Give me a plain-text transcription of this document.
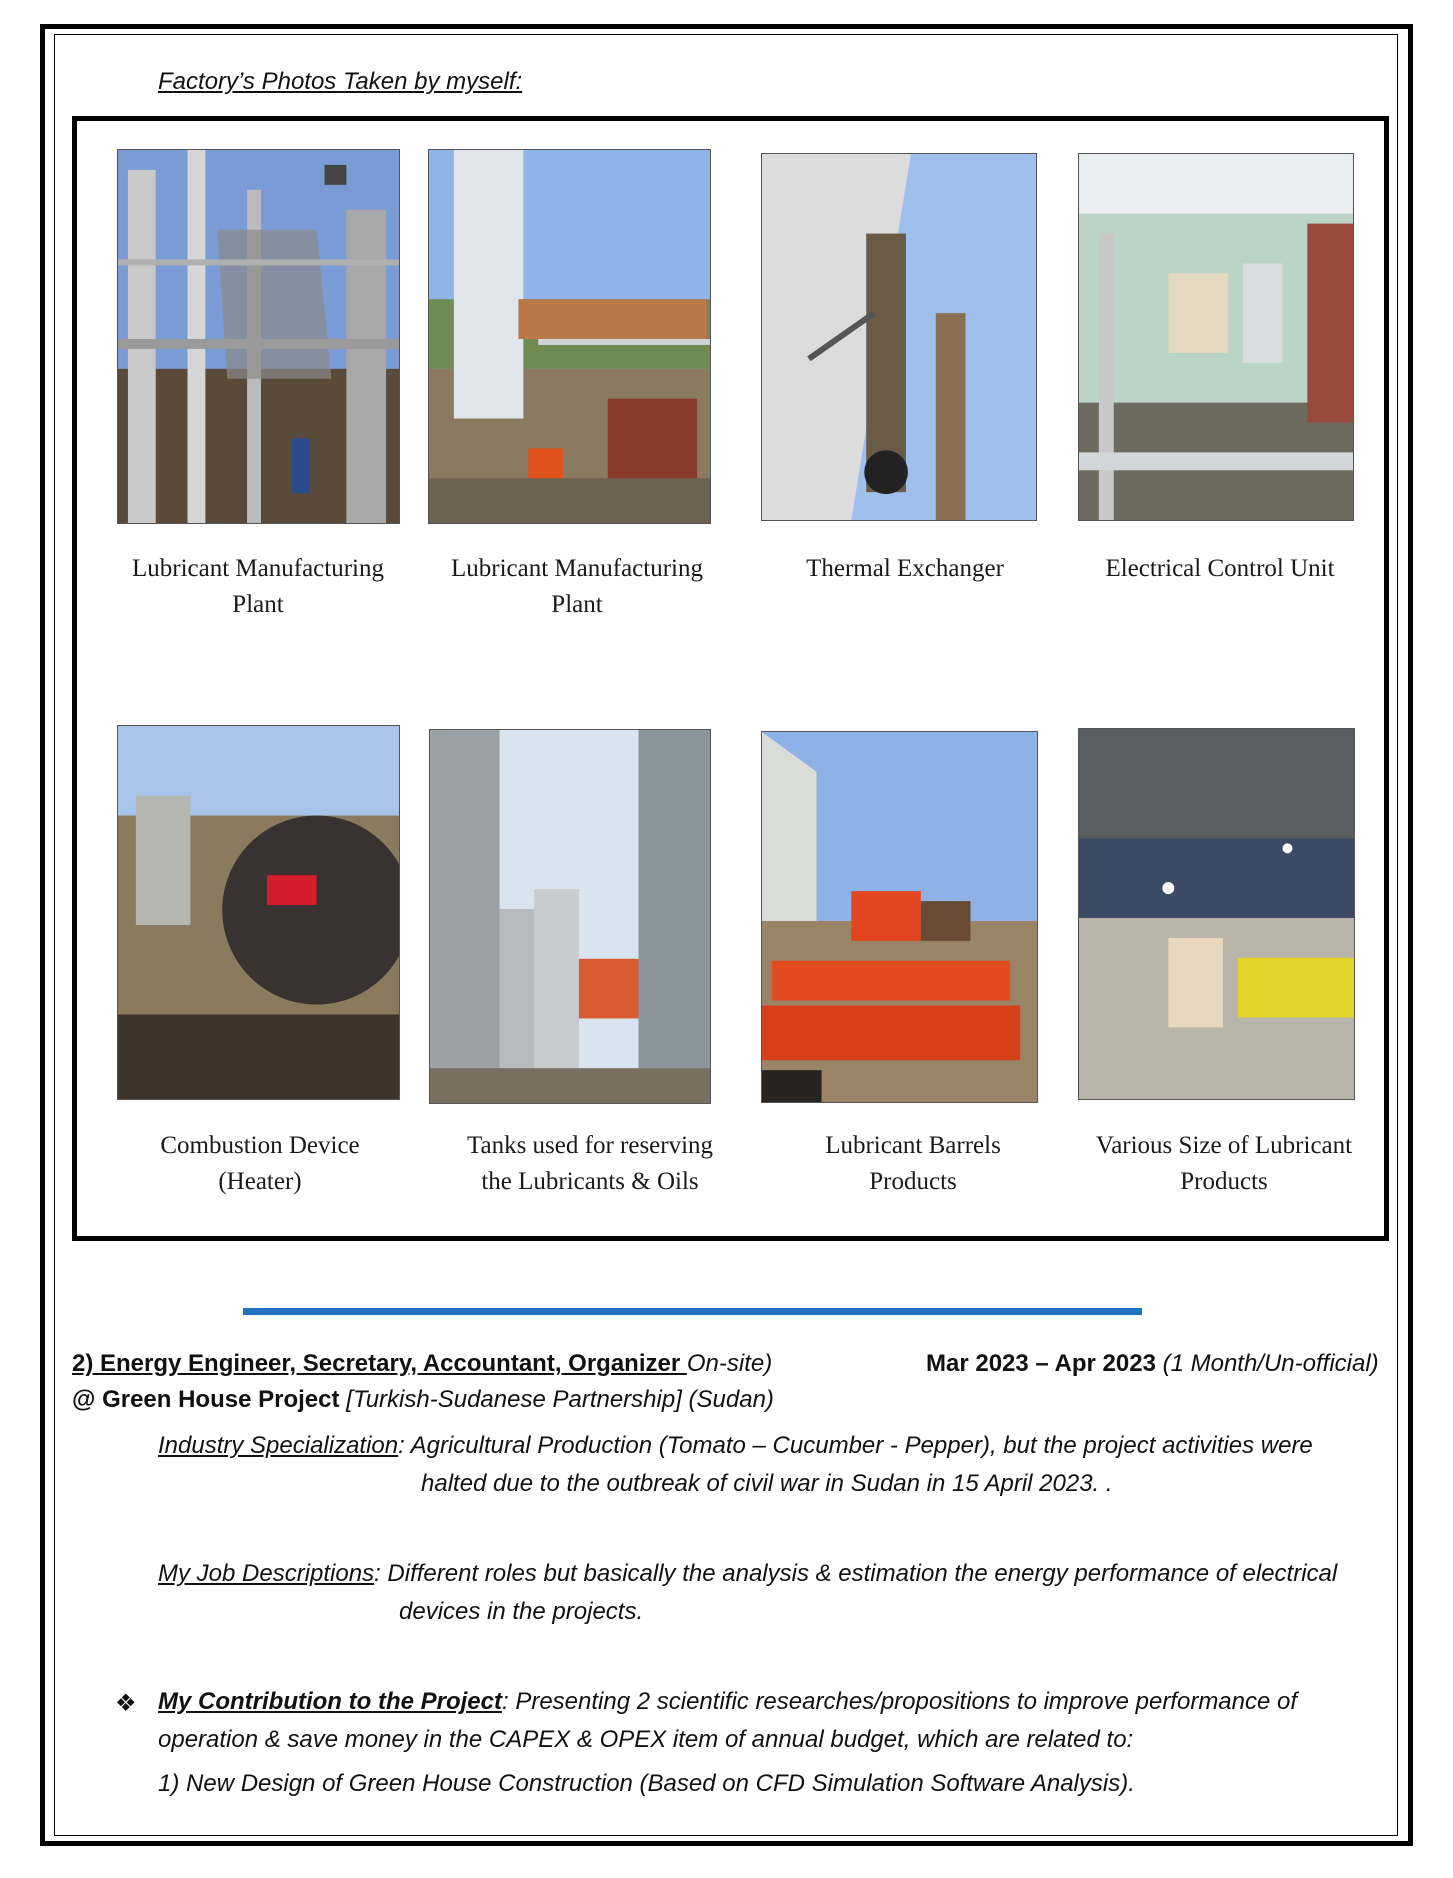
Factory’s Photos Taken by myself:
Lubricant Manufacturing
Plant
Lubricant Manufacturing
Plant
Thermal Exchanger	Electrical Control Unit
Combustion Device
(Heater)
Tanks used for reserving
the Lubricants & Oils
Lubricant Barrels
Products
Various Size of Lubricant
Products
2) Energy Engineer, Secretary, Accountant, Organizer On-site)	Mar 2023 – Apr 2023 (1 Month/Un-official)
@ Green House Project [Turkish-Sudanese Partnership] (Sudan)
Industry Specialization: Agricultural Production (Tomato – Cucumber - Pepper), but the project activities were
halted due to the outbreak of civil war in Sudan in 15 April 2023. .
My Job Descriptions: Different roles but basically the analysis & estimation the energy performance of electrical
devices in the projects.
❖ My Contribution to the Project: Presenting 2 scientific researches/propositions to improve performance of
operation & save money in the CAPEX & OPEX item of annual budget, which are related to:
1) New Design of Green House Construction (Based on CFD Simulation Software Analysis).
